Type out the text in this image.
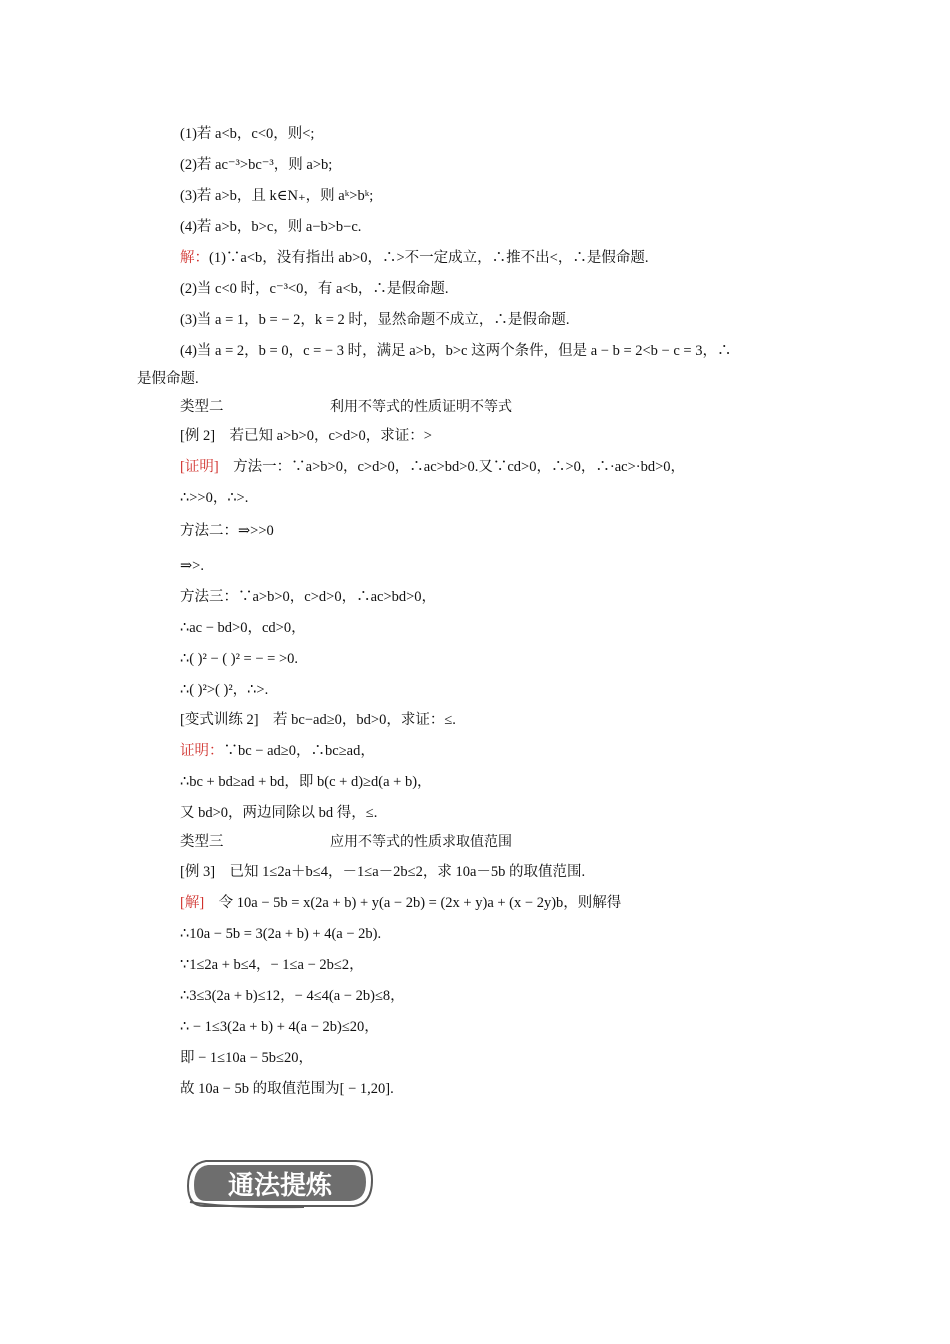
(1)若 a<b，c<0，则<;
(2)若 ac⁻³>bc⁻³，则 a>b;
(3)若 a>b，且 k∈N₊，则 aᵏ>bᵏ;
(4)若 a>b，b>c，则 a−b>b−c.
解：(1)∵a<b，没有指出 ab>0，∴>不一定成立，∴推不出<，∴是假命题.
(2)当 c<0 时，c⁻³<0，有 a<b，∴是假命题.
(3)当 a = 1，b = − 2，k = 2 时，显然命题不成立，∴是假命题.
(4)当 a = 2，b = 0，c = − 3 时，满足 a>b，b>c 这两个条件，但是 a − b = 2<b − c = 3，∴
是假命题.
类型二	利用不等式的性质证明不等式
[例 2]　若已知 a>b>0，c>d>0，求证：>
[证明]　方法一：∵a>b>0，c>d>0，∴ac>bd>0.又∵cd>0，∴>0，∴·ac>·bd>0，
∴>>0，∴>.
方法二：⇒>>0
⇒>.
方法三：∵a>b>0，c>d>0，∴ac>bd>0，
∴ac − bd>0，cd>0，
∴( )² − ( )² = − = >0.
∴( )²>( )²，∴>.
[变式训练 2]　若 bc−ad≥0，bd>0，求证：≤.
证明：∵bc − ad≥0，∴bc≥ad，
∴bc + bd≥ad + bd，即 b(c + d)≥d(a + b)，
又 bd>0，两边同除以 bd 得，≤.
类型三	应用不等式的性质求取值范围
[例 3]　已知 1≤2a＋b≤4，－1≤a－2b≤2，求 10a－5b 的取值范围.
[解]　令 10a − 5b = x(2a + b) + y(a − 2b) = (2x + y)a + (x − 2y)b，则解得
∴10a − 5b = 3(2a + b) + 4(a − 2b).
∵1≤2a + b≤4，− 1≤a − 2b≤2，
∴3≤3(2a + b)≤12，− 4≤4(a − 2b)≤8，
∴ − 1≤3(2a + b) + 4(a − 2b)≤20，
即 − 1≤10a − 5b≤20，
故 10a − 5b 的取值范围为[ − 1,20].
通法提炼
